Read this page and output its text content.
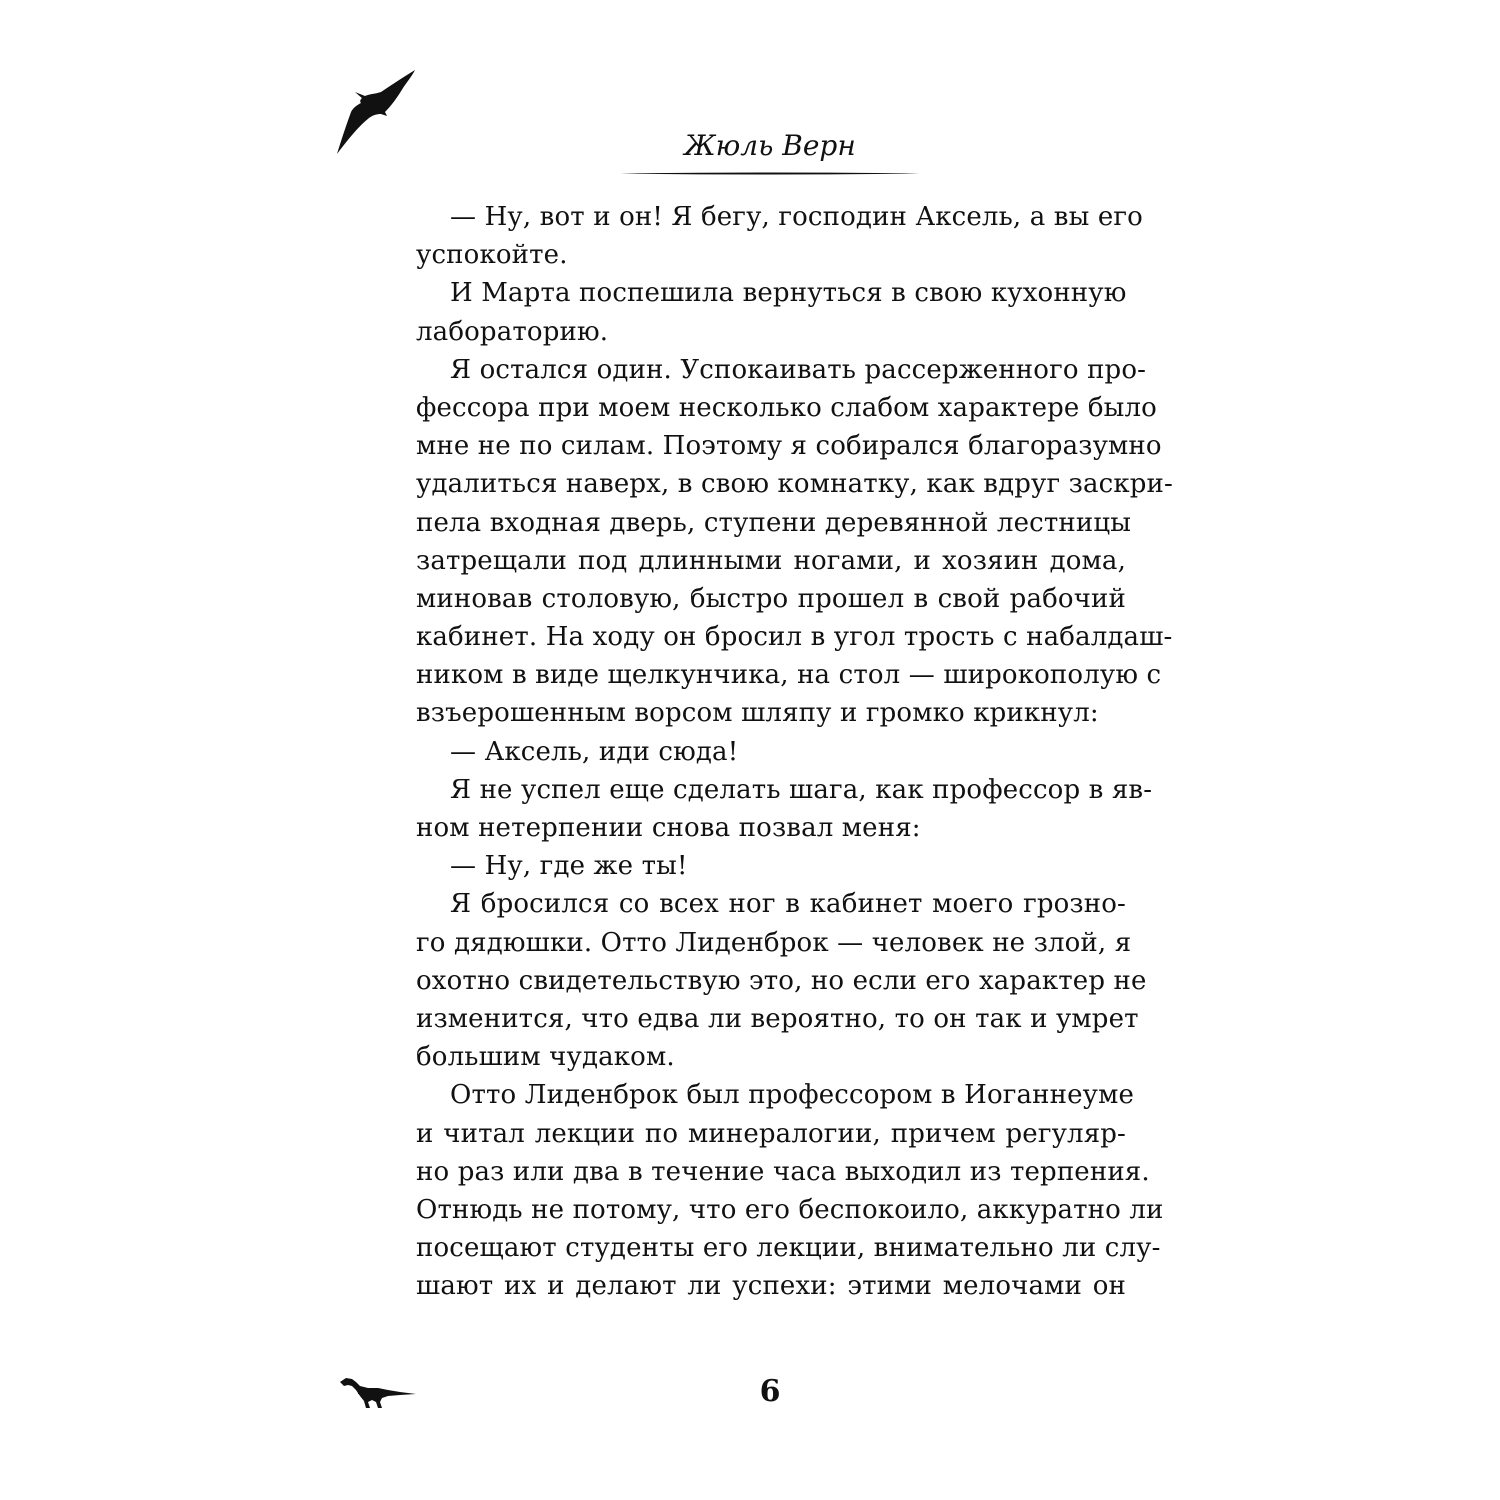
Жюль Верн
— Ну, вот и он! Я бегу, господин Аксель, а вы его
успокойте.
И Марта поспешила вернуться в свою кухонную
лабораторию.
Я остался один. Успокаивать рассерженного про-
фессора при моем несколько слабом характере было
мне не по силам. Поэтому я собирался благоразумно
удалиться наверх, в свою комнатку, как вдруг заскри-
пела входная дверь, ступени деревянной лестницы
затрещали под длинными ногами, и хозяин дома,
миновав столовую, быстро прошел в свой рабочий
кабинет. На ходу он бросил в угол трость с набалдаш-
ником в виде щелкунчика, на стол — широкополую с
взъерошенным ворсом шляпу и громко крикнул:
— Аксель, иди сюда!
Я не успел еще сделать шага, как профессор в яв-
ном нетерпении снова позвал меня:
— Ну, где же ты!
Я бросился со всех ног в кабинет моего грозно-
го дядюшки. Отто Лиденброк — человек не злой, я
охотно свидетельствую это, но если его характер не
изменится, что едва ли вероятно, то он так и умрет
большим чудаком.
Отто Лиденброк был профессором в Иоганнеуме
и читал лекции по минералогии, причем регуляр-
но раз или два в течение часа выходил из терпения.
Отнюдь не потому, что его беспокоило, аккуратно ли
посещают студенты его лекции, внимательно ли слу-
шают их и делают ли успехи: этими мелочами он
6
